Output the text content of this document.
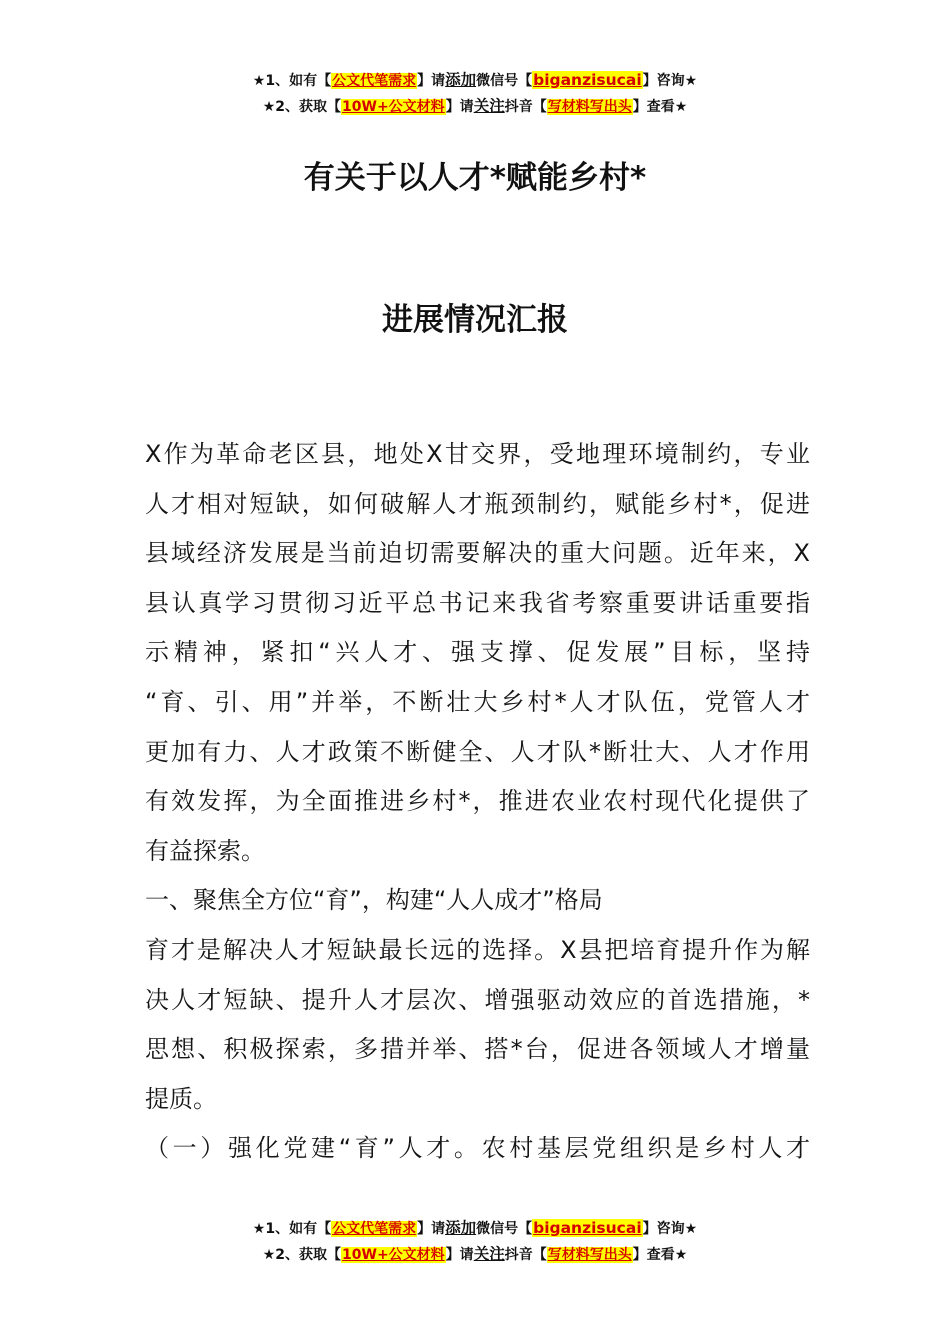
★1、如有【公文代笔需求】请添加微信号【biganzisucai】咨询★
★2、获取【10W+公文材料】请关注抖音【写材料写出头】查看★
有关于以人才*赋能乡村*
进展情况汇报
X作为革命老区县，地处X甘交界，受地理环境制约，专业
人才相对短缺，如何破解人才瓶颈制约，赋能乡村*，促进
县域经济发展是当前迫切需要解决的重大问题。近年来，X
县认真学习贯彻习近平总书记来我省考察重要讲话重要指
示精神，紧扣“兴人才、强支撑、促发展”目标，坚持
“育、引、用”并举，不断壮大乡村*人才队伍，党管人才
更加有力、人才政策不断健全、人才队*断壮大、人才作用
有效发挥，为全面推进乡村*，推进农业农村现代化提供了
有益探索。
一、聚焦全方位“育”，构建“人人成才”格局
育才是解决人才短缺最长远的选择。X县把培育提升作为解
决人才短缺、提升人才层次、增强驱动效应的首选措施，*
思想、积极探索，多措并举、搭*台，促进各领域人才增量
提质。
（一）强化党建“育”人才。农村基层党组织是乡村人才
★1、如有【公文代笔需求】请添加微信号【biganzisucai】咨询★
★2、获取【10W+公文材料】请关注抖音【写材料写出头】查看★
